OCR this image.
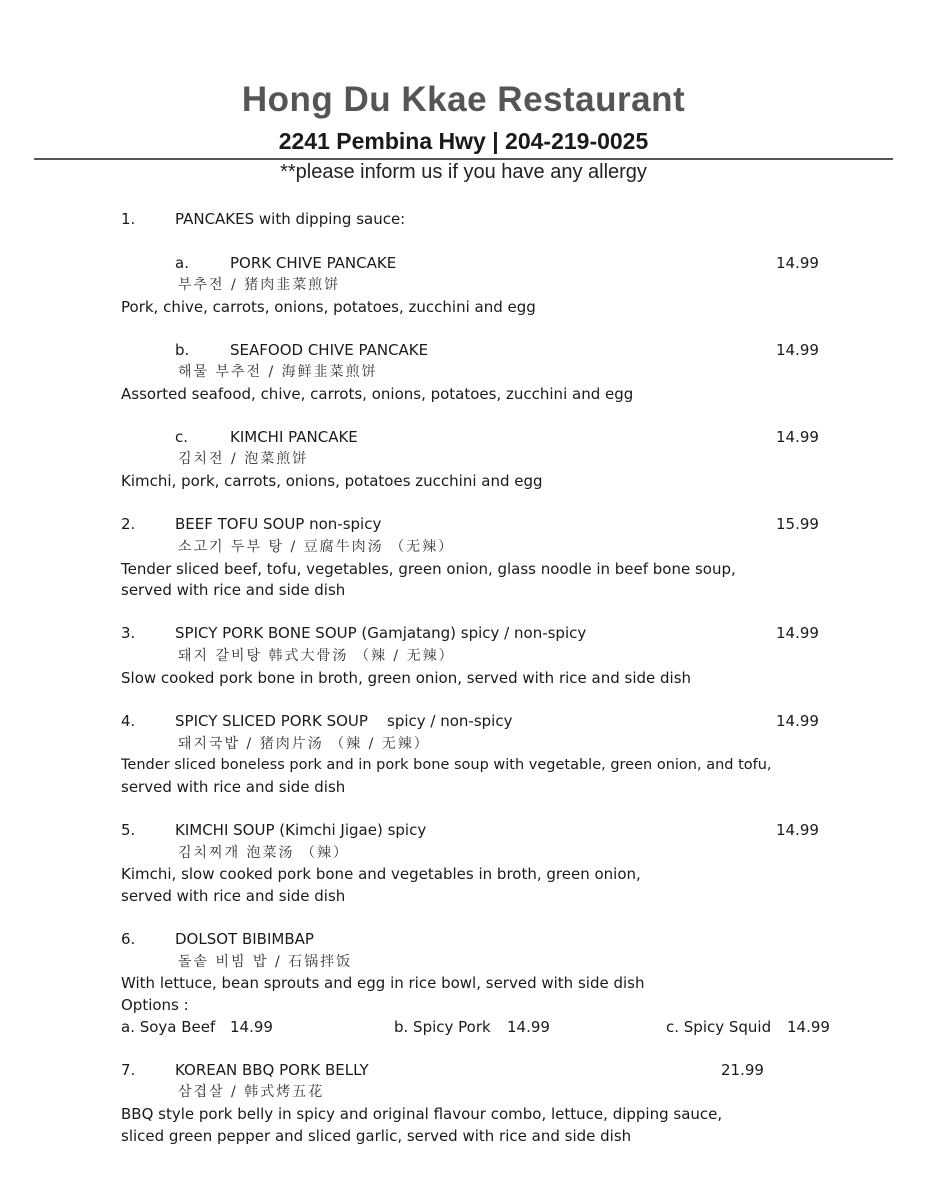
Hong Du Kkae Restaurant
2241 Pembina Hwy | 204-219-0025
**please inform us if you have any allergy
1.	PANCAKES with dipping sauce:
a.	PORK CHIVE PANCAKE	14.99
부추전 / 猪肉韭菜煎饼
Pork, chive, carrots, onions, potatoes, zucchini and egg
b.	SEAFOOD CHIVE PANCAKE	14.99
해물 부추전 / 海鲜韭菜煎饼
Assorted seafood, chive, carrots, onions, potatoes, zucchini and egg
c.	KIMCHI PANCAKE	14.99
김치전 / 泡菜煎饼
Kimchi, pork, carrots, onions, potatoes zucchini and egg
2.	BEEF TOFU SOUP non-spicy	15.99
소고기 두부 탕 / 豆腐牛肉汤 （无辣）
Tender sliced beef, tofu, vegetables, green onion, glass noodle in beef bone soup,
served with rice and side dish
3.	SPICY PORK BONE SOUP (Gamjatang) spicy / non-spicy	14.99
돼지 갈비탕 韩式大骨汤 （辣 / 无辣）
Slow cooked pork bone in broth, green onion, served with rice and side dish
4.	SPICY SLICED PORK SOUP    spicy / non-spicy	14.99
돼지국밥 / 猪肉片汤 （辣 / 无辣）
Tender sliced boneless pork and in pork bone soup with vegetable, green onion, and tofu,
served with rice and side dish
5.	KIMCHI SOUP (Kimchi Jigae) spicy	14.99
김치찌개 泡菜汤 （辣）
Kimchi, slow cooked pork bone and vegetables in broth, green onion,
served with rice and side dish
6.	DOLSOT BIBIMBAP
돌솥 비빔 밥 / 石锅拌饭
With lettuce, bean sprouts and egg in rice bowl, served with side dish
Options :
a. Soya Beef 14.99	b. Spicy Pork 14.99	c. Spicy Squid 14.99
7.	KOREAN BBQ PORK BELLY	21.99
삼겹살 / 韩式烤五花
BBQ style pork belly in spicy and original flavour combo, lettuce, dipping sauce,
sliced green pepper and sliced garlic, served with rice and side dish
